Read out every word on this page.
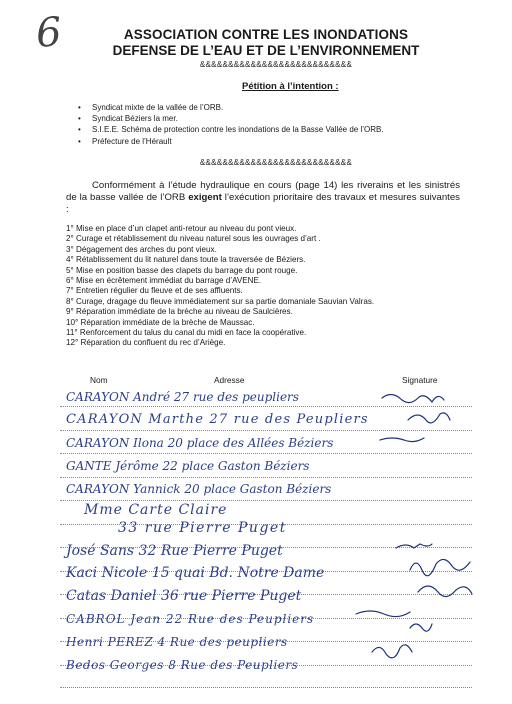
6	ASSOCIATION CONTRE LES INONDATIONS
DEFENSE DE L’EAU ET DE L’ENVIRONNEMENT
&&&&&&&&&&&&&&&&&&&&&&&&&&&
Pétition à l’intention :
• Syndicat mixte de la vallée de l’ORB.
• Syndicat Béziers la mer.
• S.I.E.E. Schéma de protection contre les inondations de la Basse Vallée de l’ORB.
• Préfecture de l’Hérault
&&&&&&&&&&&&&&&&&&&&&&&&&&&
Conformément à l’étude hydraulique en cours (page 14) les riverains et les sinistrés de la basse vallée de l’ORB exigent l’exécution prioritaire des travaux et mesures suivantes :
1° Mise en place d’un clapet anti-retour au niveau du pont vieux.
2° Curage et rétablissement du niveau naturel sous les ouvrages d’art .
3° Dégagement des arches du pont vieux.
4° Rétablissement du lit naturel dans toute la traversée de Béziers.
5° Mise en position basse des clapets du barrage du pont rouge.
6° Mise en écrêtement immédiat du barrage d’AVENE.
7° Entretien régulier du fleuve et de ses affluents.
8° Curage, dragage du fleuve immédiatement sur sa partie domaniale Sauvian Valras.
9° Réparation immédiate de la brèche au niveau de Saulcières.
10° Réparation immédiate de la brèche de Maussac.
11° Renforcement du talus du canal du midi en face la coopérative.
12° Réparation du confluent du rec d’Ariège.
Nom	Adresse	Signature
CARAYON André 27 rue des peupliers
CARAYON Marthe 27 rue des Peupliers
CARAYON Ilona 20 place des Allées Béziers
GANTE Jérôme 22 place Gaston Béziers
CARAYON Yannick 20 place Gaston Béziers
Mme Carte Claire
33 rue Pierre Puget
José Sans 32 Rue Pierre Puget
Kaci Nicole 15 quai Bd. Notre Dame
Catas Daniel 36 rue Pierre Puget
CABROL Jean 22 Rue des Peupliers
Henri PEREZ 4 Rue des peupliers
Bedos Georges 8 Rue des Peupliers
